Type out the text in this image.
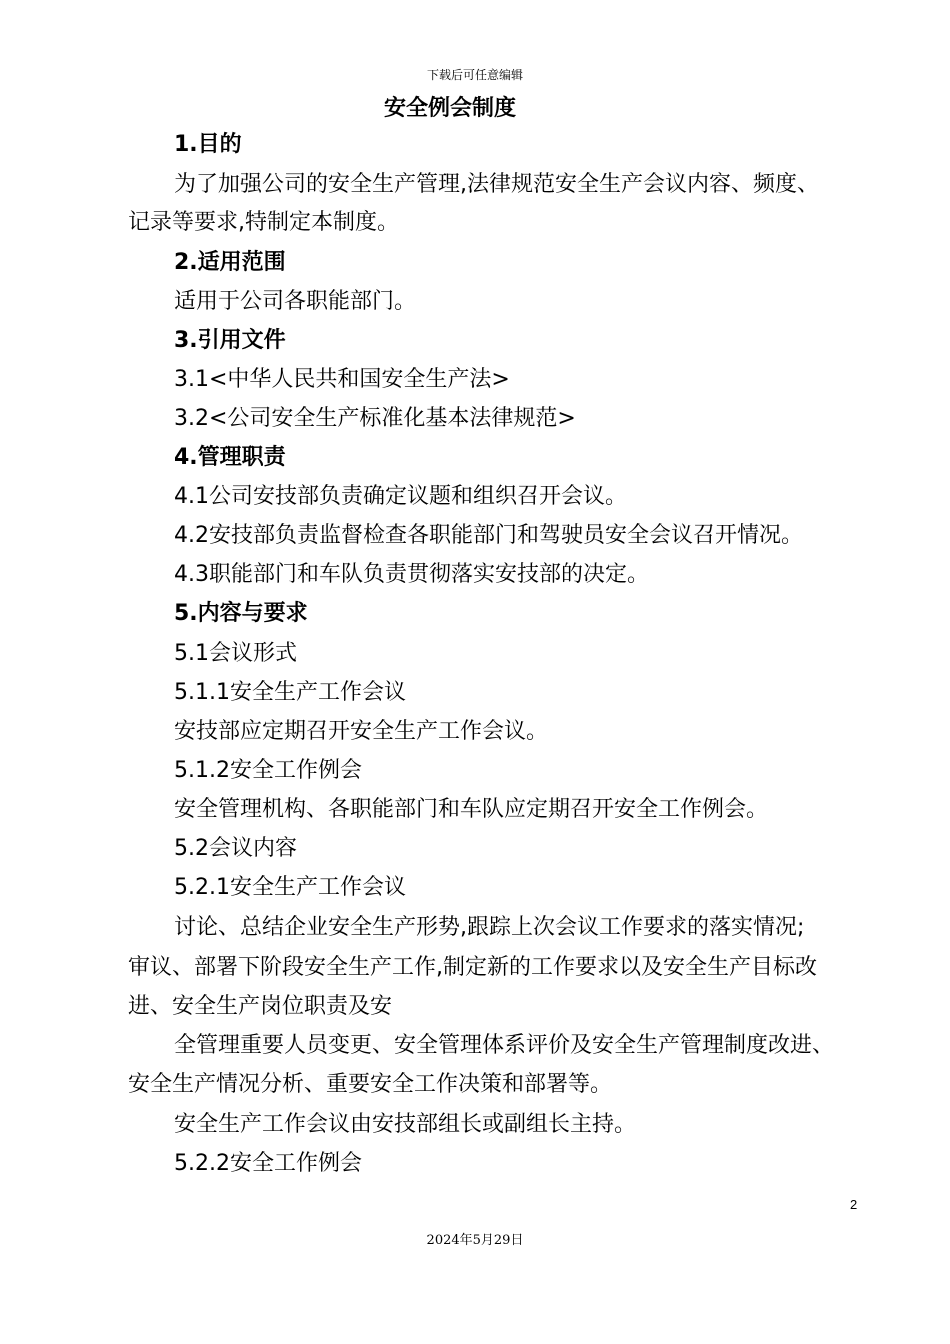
下载后可任意编辑
安全例会制度
1.目的
为了加强公司的安全生产管理,法律规范安全生产会议内容、频度、
记录等要求,特制定本制度。
2.适用范围
适用于公司各职能部门。
3.引用文件
3.1<中华人民共和国安全生产法>
3.2<公司安全生产标准化基本法律规范>
4.管理职责
4.1公司安技部负责确定议题和组织召开会议。
4.2安技部负责监督检查各职能部门和驾驶员安全会议召开情况。
4.3职能部门和车队负责贯彻落实安技部的决定。
5.内容与要求
5.1会议形式
5.1.1安全生产工作会议
安技部应定期召开安全生产工作会议。
5.1.2安全工作例会
安全管理机构、各职能部门和车队应定期召开安全工作例会。
5.2会议内容
5.2.1安全生产工作会议
讨论、总结企业安全生产形势,跟踪上次会议工作要求的落实情况;
审议、部署下阶段安全生产工作,制定新的工作要求以及安全生产目标改
进、安全生产岗位职责及安
全管理重要人员变更、安全管理体系评价及安全生产管理制度改进、
安全生产情况分析、重要安全工作决策和部署等。
安全生产工作会议由安技部组长或副组长主持。
5.2.2安全工作例会
2
2024年5月29日
